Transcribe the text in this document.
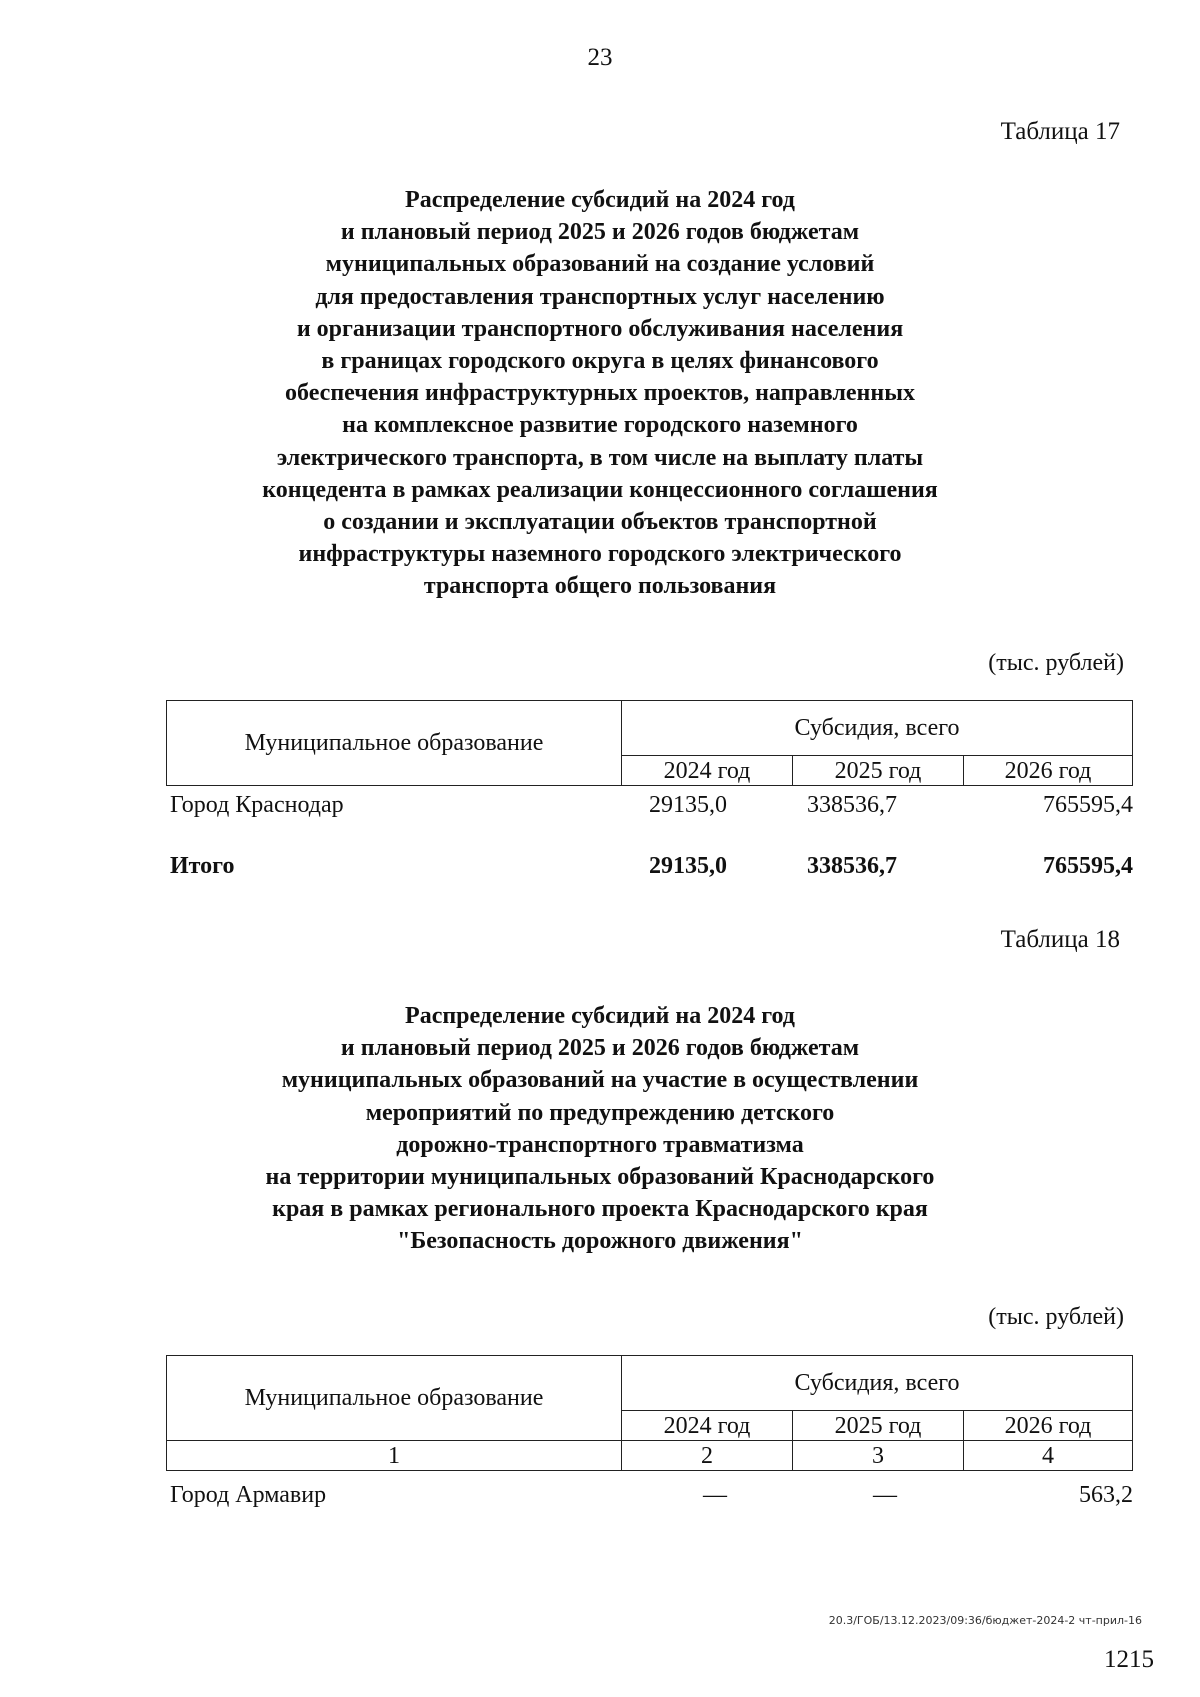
23
Таблица 17
Распределение субсидий на 2024 год
и плановый период 2025 и 2026 годов бюджетам
муниципальных образований на создание условий
для предоставления транспортных услуг населению
и организации транспортного обслуживания населения
в границах городского округа в целях финансового
обеспечения инфраструктурных проектов, направленных
на комплексное развитие городского наземного
электрического транспорта, в том числе на выплату платы
концедента в рамках реализации концессионного соглашения
о создании и эксплуатации объектов транспортной
инфраструктуры наземного городского электрического
транспорта общего пользования
(тыс. рублей)
Муниципальное образование	Субсидия, всего		
	2024 год	2025 год	2026 год
Город Краснодар	29135,0	338536,7	765595,4
Итого	29135,0	338536,7	765595,4
Таблица 18
Распределение субсидий на 2024 год
и плановый период 2025 и 2026 годов бюджетам
муниципальных образований на участие в осуществлении
мероприятий по предупреждению детского
дорожно-транспортного травматизма
на территории муниципальных образований Краснодарского
края в рамках регионального проекта Краснодарского края
"Безопасность дорожного движения"
(тыс. рублей)
Муниципальное образование	Субсидия, всего		
	2024 год	2025 год	2026 год
1	2	3	4
Город Армавир	—	—	563,2
20.3/ГОБ/13.12.2023/09:36/бюджет-2024-2 чт-прил-16
1215
